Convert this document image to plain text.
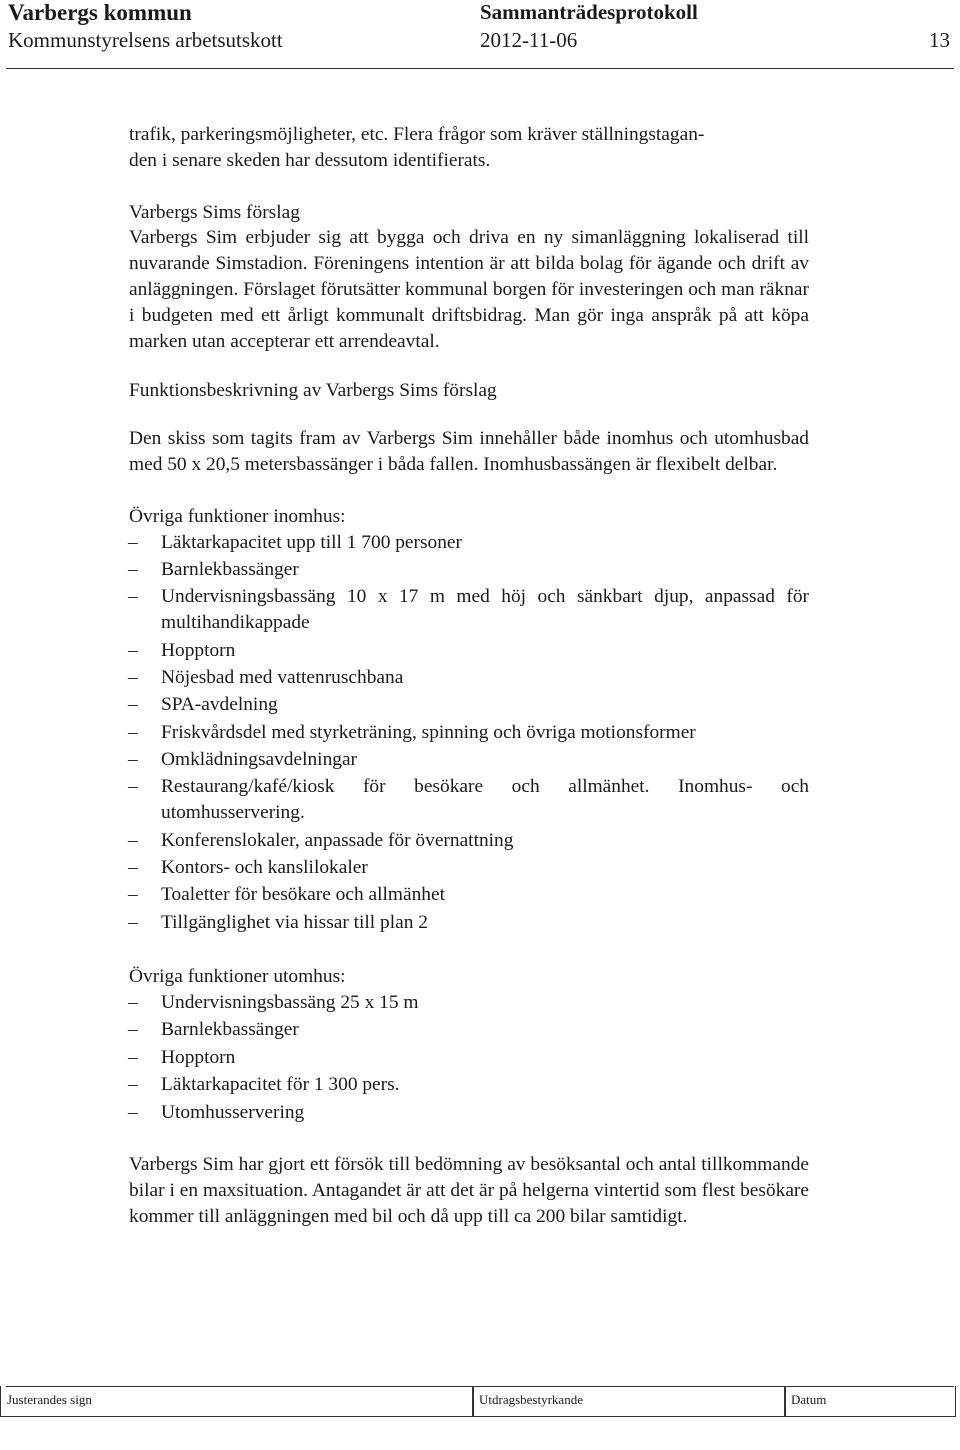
Varbergs kommun
Kommunstyrelsens arbetsutskott
Sammanträdesprotokoll
2012-11-06	13

trafik, parkeringsmöjligheter, etc. Flera frågor som kräver ställningstagan-

den i senare skeden har dessutom identifierats.

Varbergs Sims förslag

Varbergs Sim erbjuder sig att bygga och driva en ny simanläggning lokaliserad till nuvarande Simstadion. Föreningens intention är att bilda bolag för ägande och drift av anläggningen. Förslaget förutsätter kommunal borgen för investeringen och man räknar i budgeten med ett årligt kommunalt driftsbidrag. Man gör inga anspråk på att köpa marken utan accepterar ett arrendeavtal.

Funktionsbeskrivning av Varbergs Sims förslag

Den skiss som tagits fram av Varbergs Sim innehåller både inomhus och utomhusbad med 50 x 20,5 metersbassänger i båda fallen. Inomhusbassängen är flexibelt delbar.

Övriga funktioner inomhus:

– Läktarkapacitet upp till 1 700 personer
– Barnlekbassänger
– Undervisningsbassäng 10 x 17 m med höj och sänkbart djup, anpassad för multihandikappade
– Hopptorn
– Nöjesbad med vattenruschbana
– SPA-avdelning
– Friskvårdsdel med styrketräning, spinning och övriga motionsformer
– Omklädningsavdelningar
– Restaurang/kafé/kiosk för besökare och allmänhet. Inomhus- och utomhusservering.
– Konferenslokaler, anpassade för övernattning
– Kontors- och kanslilokaler
– Toaletter för besökare och allmänhet
– Tillgänglighet via hissar till plan 2

Övriga funktioner utomhus:

– Undervisningsbassäng 25 x 15 m
– Barnlekbassänger
– Hopptorn
– Läktarkapacitet för 1 300 pers.
– Utomhusservering

Varbergs Sim har gjort ett försök till bedömning av besöksantal och antal tillkommande bilar i en maxsituation. Antagandet är att det är på helgerna vintertid som flest besökare kommer till anläggningen med bil och då upp till ca 200 bilar samtidigt.

Justerandes sign	Utdragsbestyrkande	Datum
